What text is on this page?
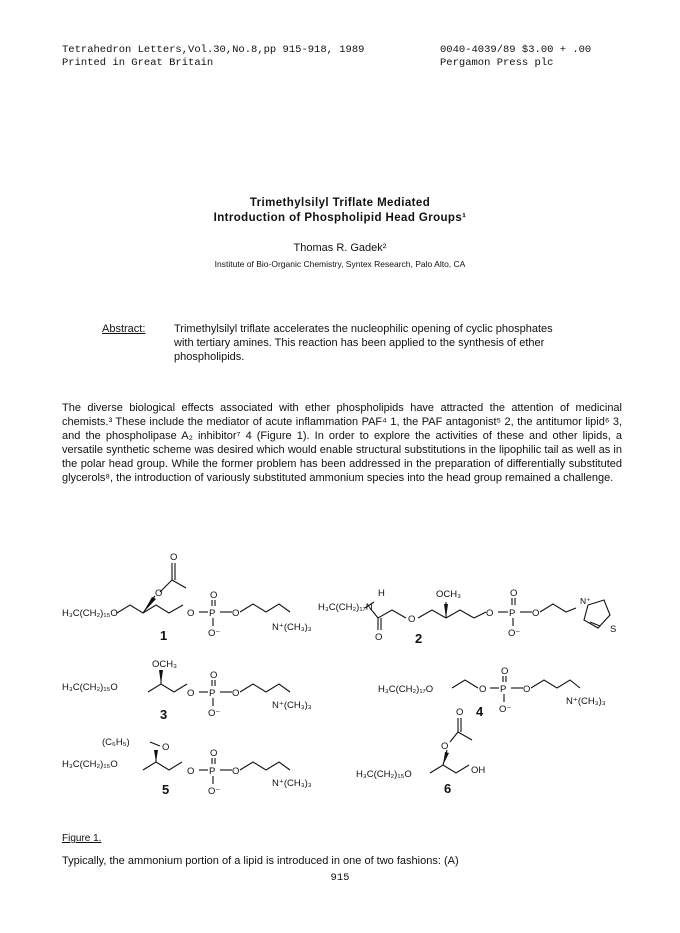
Tetrahedron Letters,Vol.30,No.8,pp 915-918, 1989
Printed in Great Britain
0040-4039/89 $3.00 + .00
Pergamon Press plc
Trimethylsilyl Triflate Mediated
Introduction of Phospholipid Head Groups¹
Thomas R. Gadek²
Institute of Bio-Organic Chemistry, Syntex Research, Palo Alto, CA
Abstract:	Trimethylsilyl triflate accelerates the nucleophilic opening of cyclic phosphates with tertiary amines. This reaction has been applied to the synthesis of ether phospholipids.
The diverse biological effects associated with ether phospholipids have attracted the attention of medicinal chemists.³ These include the mediator of acute inflammation PAF⁴ 1, the PAF antagonist⁵ 2, the antitumor lipid⁶ 3, and the phospholipase A₂ inhibitor⁷ 4 (Figure 1). In order to explore the activities of these and other lipids, a versatile synthetic scheme was desired which would enable structural substitutions in the lipophilic tail as well as in the polar head group. While the former problem has been addressed in the preparation of differentially substituted glycerols⁸, the introduction of variously substituted ammonium species into the head group remained a challenge.
H₃C(CH₂)₁₅O
O
O
O
O
P O
O⁻
N⁺(CH₃)₃
H
H₃C(CH₂)₁₇N
O
O
OCH₃
O
O
P O
O⁻
N⁺
S
OCH₃
H₃C(CH₂)₁₅O
O
O
P O
O⁻
N⁺(CH₃)₃
H₃C(CH₂)₁₇O	O
O
P O
O⁻
N⁺(CH₃)₃
(C₆H₅)	O
H₃C(CH₂)₁₅O
O
O
P O
O⁻
N⁺(CH₃)₃
O
O
H₃C(CH₂)₁₅O	OH
1	2
3	4
5	6
Figure 1.
Typically, the ammonium portion of a lipid is introduced in one of two fashions: (A)
915
